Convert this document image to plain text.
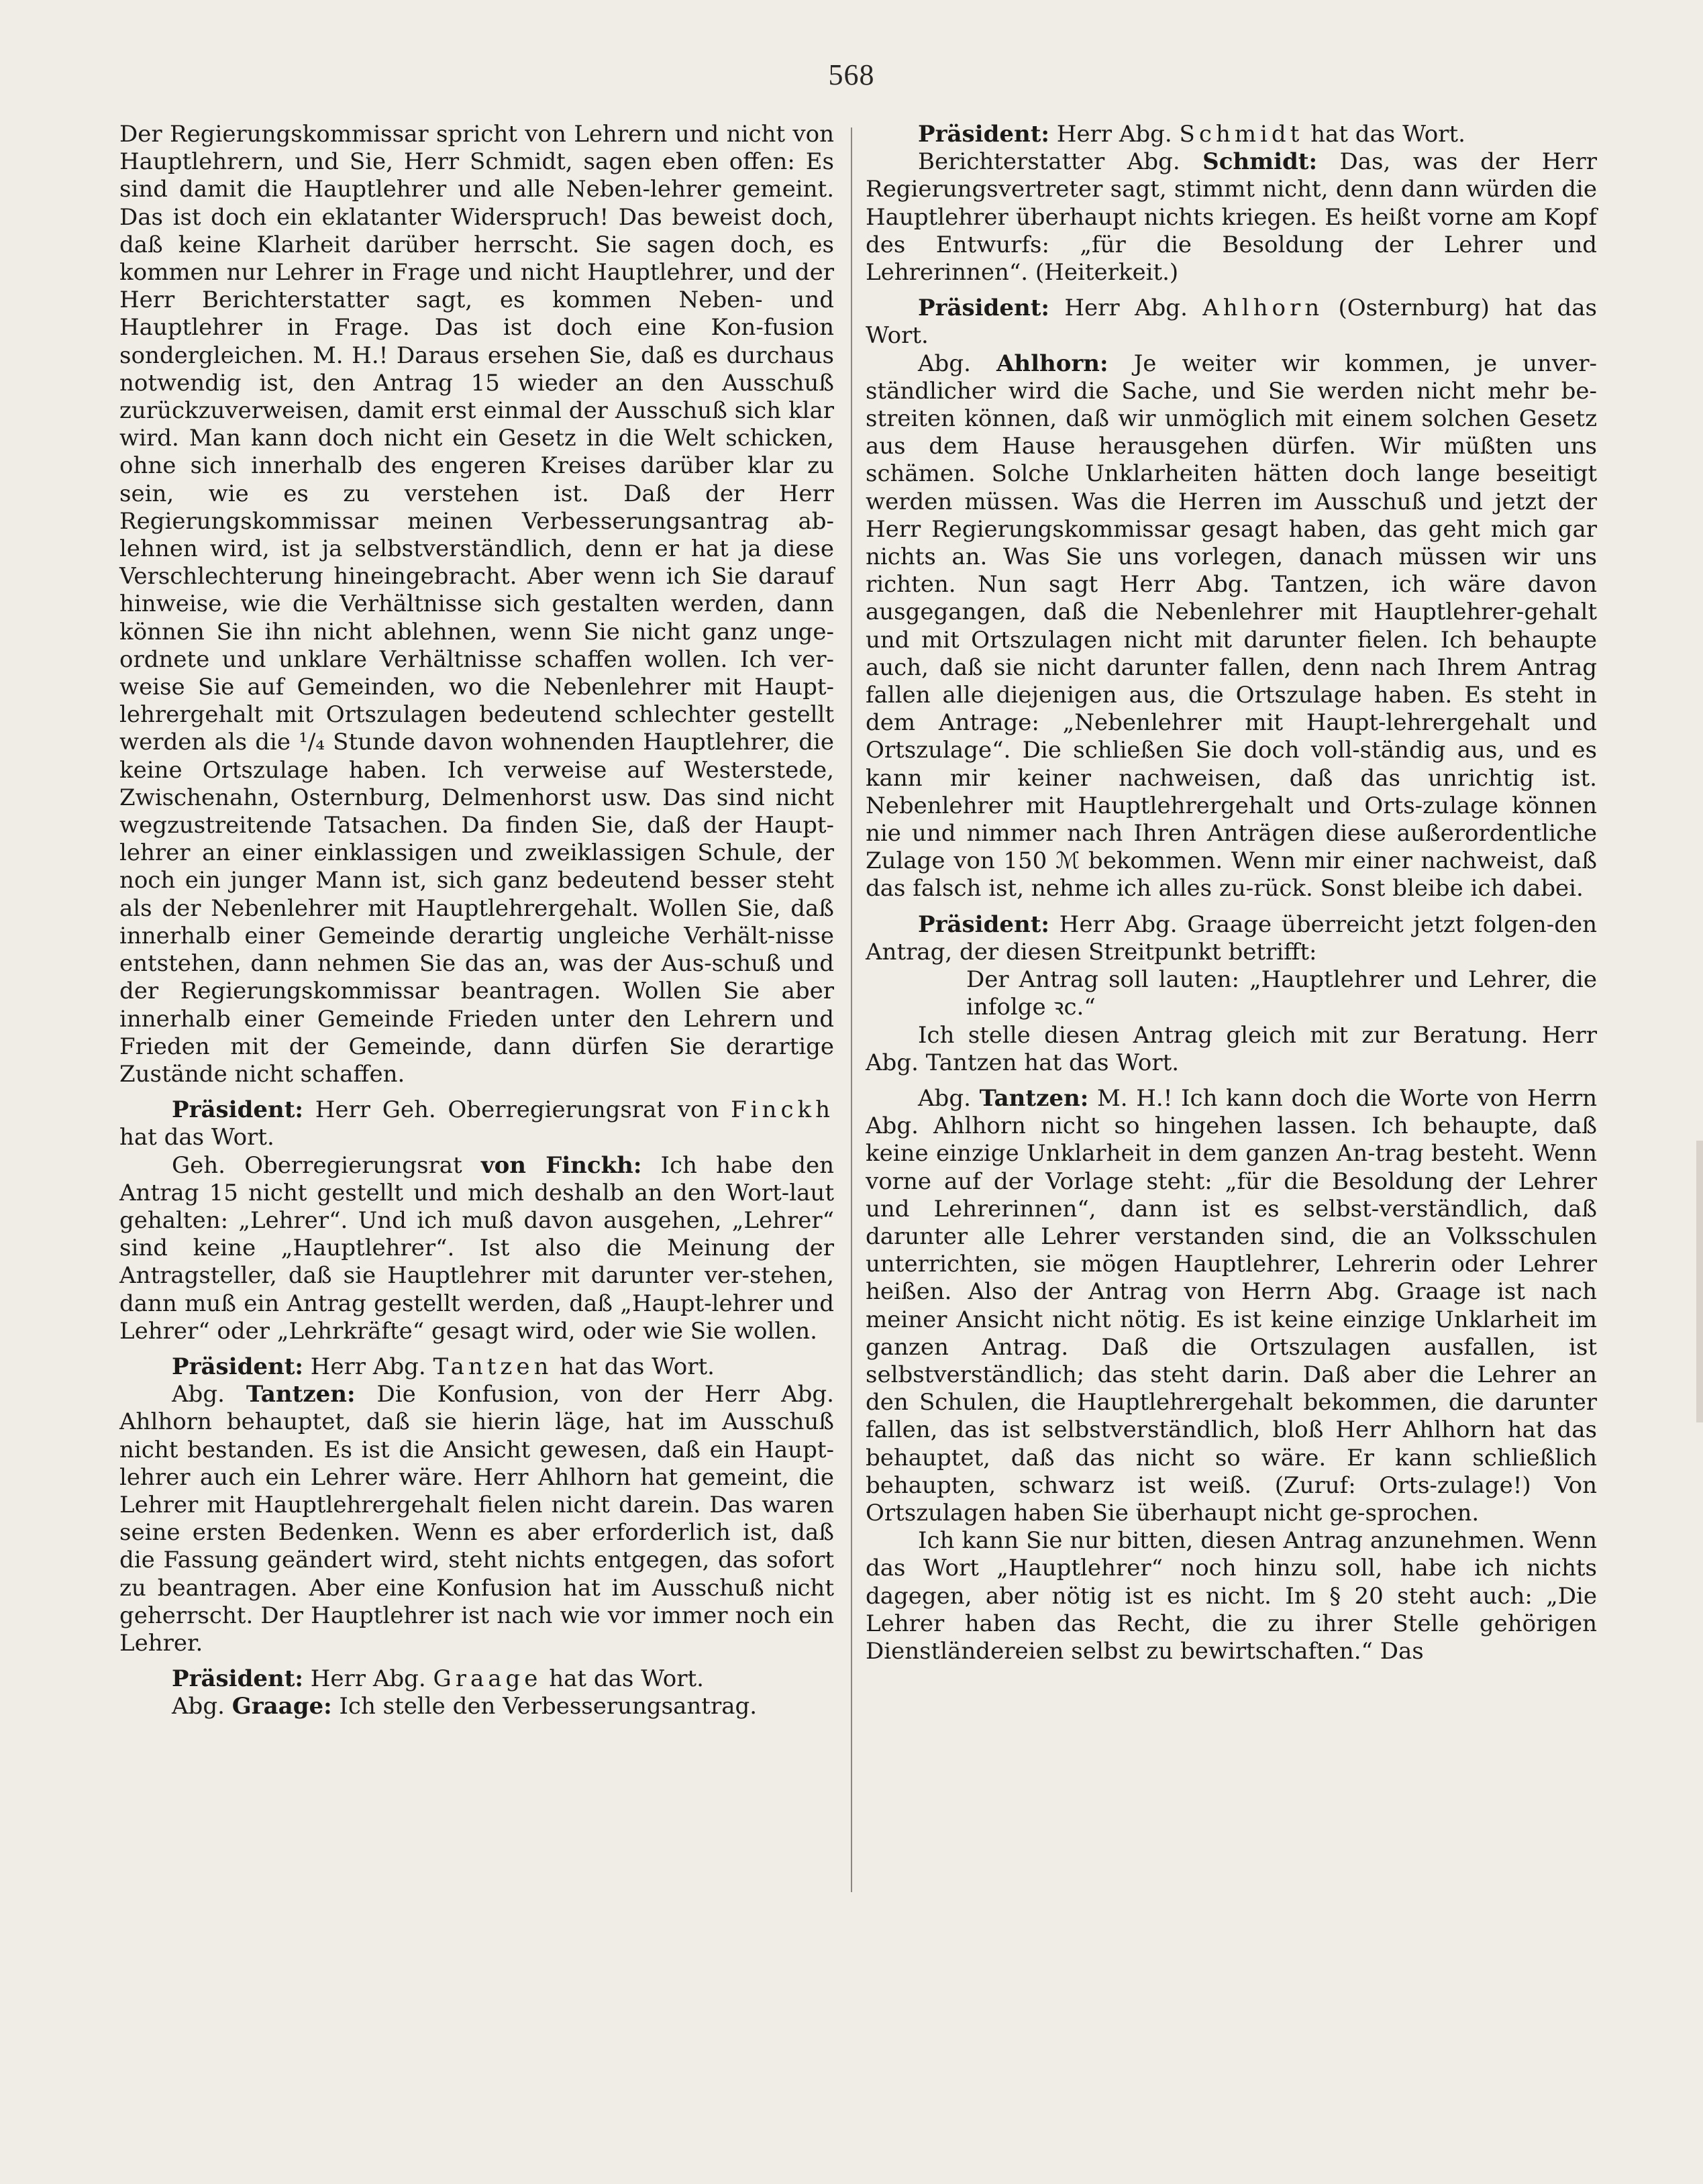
568

Der Regierungskommissar spricht von Lehrern und nicht von Hauptlehrern, und Sie, Herr Schmidt, sagen eben offen: Es sind damit die Hauptlehrer und alle Neben-lehrer gemeint. Das ist doch ein eklatanter Widerspruch! Das beweist doch, daß keine Klarheit darüber herrscht. Sie sagen doch, es kommen nur Lehrer in Frage und nicht Hauptlehrer, und der Herr Berichterstatter sagt, es kommen Neben- und Hauptlehrer in Frage. Das ist doch eine Kon-fusion sondergleichen. M. H.! Daraus ersehen Sie, daß es durchaus notwendig ist, den Antrag 15 wieder an den Ausschuß zurückzuverweisen, damit erst einmal der Ausschuß sich klar wird. Man kann doch nicht ein Gesetz in die Welt schicken, ohne sich innerhalb des engeren Kreises darüber klar zu sein, wie es zu verstehen ist. Daß der Herr Regierungskommissar meinen Verbesserungsantrag ab-lehnen wird, ist ja selbstverständlich, denn er hat ja diese Verschlechterung hineingebracht. Aber wenn ich Sie darauf hinweise, wie die Verhältnisse sich gestalten werden, dann können Sie ihn nicht ablehnen, wenn Sie nicht ganz unge-ordnete und unklare Verhältnisse schaffen wollen. Ich ver-weise Sie auf Gemeinden, wo die Nebenlehrer mit Haupt-lehrergehalt mit Ortszulagen bedeutend schlechter gestellt werden als die ¹/₄ Stunde davon wohnenden Hauptlehrer, die keine Ortszulage haben. Ich verweise auf Westerstede, Zwischenahn, Osternburg, Delmenhorst usw. Das sind nicht wegzustreitende Tatsachen. Da finden Sie, daß der Haupt-lehrer an einer einklassigen und zweiklassigen Schule, der noch ein junger Mann ist, sich ganz bedeutend besser steht als der Nebenlehrer mit Hauptlehrergehalt. Wollen Sie, daß innerhalb einer Gemeinde derartig ungleiche Verhält-nisse entstehen, dann nehmen Sie das an, was der Aus-schuß und der Regierungskommissar beantragen. Wollen Sie aber innerhalb einer Gemeinde Frieden unter den Lehrern und Frieden mit der Gemeinde, dann dürfen Sie derartige Zustände nicht schaffen.

Präsident: Herr Geh. Oberregierungsrat von Finckh hat das Wort.

Geh. Oberregierungsrat von Finckh: Ich habe den Antrag 15 nicht gestellt und mich deshalb an den Wort-laut gehalten: „Lehrer“. Und ich muß davon ausgehen, „Lehrer“ sind keine „Hauptlehrer“. Ist also die Meinung der Antragsteller, daß sie Hauptlehrer mit darunter ver-stehen, dann muß ein Antrag gestellt werden, daß „Haupt-lehrer und Lehrer“ oder „Lehrkräfte“ gesagt wird, oder wie Sie wollen.

Präsident: Herr Abg. Tantzen hat das Wort.

Abg. Tantzen: Die Konfusion, von der Herr Abg. Ahlhorn behauptet, daß sie hierin läge, hat im Ausschuß nicht bestanden. Es ist die Ansicht gewesen, daß ein Haupt-lehrer auch ein Lehrer wäre. Herr Ahlhorn hat gemeint, die Lehrer mit Hauptlehrergehalt fielen nicht darein. Das waren seine ersten Bedenken. Wenn es aber erforderlich ist, daß die Fassung geändert wird, steht nichts entgegen, das sofort zu beantragen. Aber eine Konfusion hat im Ausschuß nicht geherrscht. Der Hauptlehrer ist nach wie vor immer noch ein Lehrer.

Präsident: Herr Abg. Graage hat das Wort.

Abg. Graage: Ich stelle den Verbesserungsantrag.

Präsident: Herr Abg. Schmidt hat das Wort.

Berichterstatter Abg. Schmidt: Das, was der Herr Regierungsvertreter sagt, stimmt nicht, denn dann würden die Hauptlehrer überhaupt nichts kriegen. Es heißt vorne am Kopf des Entwurfs: „für die Besoldung der Lehrer und Lehrerinnen“. (Heiterkeit.)

Präsident: Herr Abg. Ahlhorn (Osternburg) hat das Wort.

Abg. Ahlhorn: Je weiter wir kommen, je unver-ständlicher wird die Sache, und Sie werden nicht mehr be-streiten können, daß wir unmöglich mit einem solchen Gesetz aus dem Hause herausgehen dürfen. Wir müßten uns schämen. Solche Unklarheiten hätten doch lange beseitigt werden müssen. Was die Herren im Ausschuß und jetzt der Herr Regierungskommissar gesagt haben, das geht mich gar nichts an. Was Sie uns vorlegen, danach müssen wir uns richten. Nun sagt Herr Abg. Tantzen, ich wäre davon ausgegangen, daß die Nebenlehrer mit Hauptlehrer-gehalt und mit Ortszulagen nicht mit darunter fielen. Ich behaupte auch, daß sie nicht darunter fallen, denn nach Ihrem Antrag fallen alle diejenigen aus, die Ortszulage haben. Es steht in dem Antrage: „Nebenlehrer mit Haupt-lehrergehalt und Ortszulage“. Die schließen Sie doch voll-ständig aus, und es kann mir keiner nachweisen, daß das unrichtig ist. Nebenlehrer mit Hauptlehrergehalt und Orts-zulage können nie und nimmer nach Ihren Anträgen diese außerordentliche Zulage von 150 ℳ bekommen. Wenn mir einer nachweist, daß das falsch ist, nehme ich alles zu-rück. Sonst bleibe ich dabei.

Präsident: Herr Abg. Graage überreicht jetzt folgen-den Antrag, der diesen Streitpunkt betrifft:

Der Antrag soll lauten: „Hauptlehrer und Lehrer, die infolge ꝛc.“

Ich stelle diesen Antrag gleich mit zur Beratung. Herr Abg. Tantzen hat das Wort.

Abg. Tantzen: M. H.! Ich kann doch die Worte von Herrn Abg. Ahlhorn nicht so hingehen lassen. Ich behaupte, daß keine einzige Unklarheit in dem ganzen An-trag besteht. Wenn vorne auf der Vorlage steht: „für die Besoldung der Lehrer und Lehrerinnen“, dann ist es selbst-verständlich, daß darunter alle Lehrer verstanden sind, die an Volksschulen unterrichten, sie mögen Hauptlehrer, Lehrerin oder Lehrer heißen. Also der Antrag von Herrn Abg. Graage ist nach meiner Ansicht nicht nötig. Es ist keine einzige Unklarheit im ganzen Antrag. Daß die Ortszulagen ausfallen, ist selbstverständlich; das steht darin. Daß aber die Lehrer an den Schulen, die Hauptlehrergehalt bekommen, die darunter fallen, das ist selbstverständlich, bloß Herr Ahlhorn hat das behauptet, daß das nicht so wäre. Er kann schließlich behaupten, schwarz ist weiß. (Zuruf: Orts-zulage!) Von Ortszulagen haben Sie überhaupt nicht ge-sprochen.

Ich kann Sie nur bitten, diesen Antrag anzunehmen. Wenn das Wort „Hauptlehrer“ noch hinzu soll, habe ich nichts dagegen, aber nötig ist es nicht. Im § 20 steht auch: „Die Lehrer haben das Recht, die zu ihrer Stelle gehörigen Dienstländereien selbst zu bewirtschaften.“ Das
